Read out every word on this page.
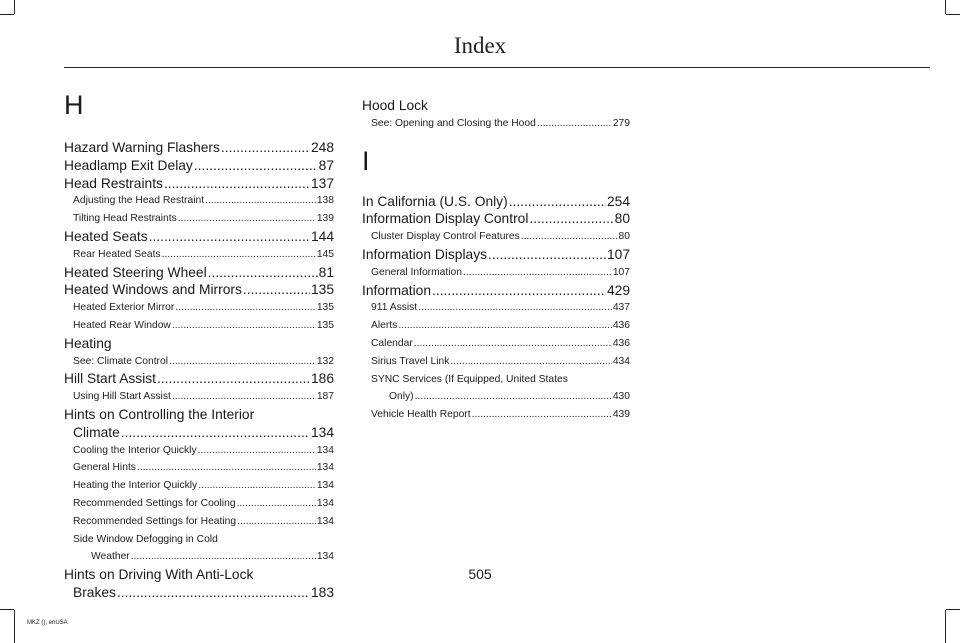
Index
H
Hazard Warning Flashers .....	248
Headlamp Exit Delay .....	87
Head Restraints .....	137
Adjusting the Head Restraint .....	138
Tilting Head Restraints .....	139
Heated Seats .....	144
Rear Heated Seats .....	145
Heated Steering Wheel .....	81
Heated Windows and Mirrors .....	135
Heated Exterior Mirror .....	135
Heated Rear Window .....	135
Heating
See: Climate Control .....	132
Hill Start Assist .....	186
Using Hill Start Assist .....	187
Hints on Controlling the Interior
Climate .....	134
Cooling the Interior Quickly .....	134
General Hints .....	134
Heating the Interior Quickly .....	134
Recommended Settings for Cooling .....	134
Recommended Settings for Heating .....	134
Side Window Defogging in Cold
Weather .....	134
Hints on Driving With Anti-Lock
Brakes .....	183
Hood Lock
See: Opening and Closing the Hood .....	279
I
In California (U.S. Only) .....	254
Information Display Control .....	80
Cluster Display Control Features .....	80
Information Displays .....	107
General Information .....	107
Information .....	429
911 Assist .....	437
Alerts .....	436
Calendar .....	436
Sirius Travel Link .....	434
SYNC Services (If Equipped, United States
Only) .....	430
Vehicle Health Report .....	439
505
MKZ (), enUSA
